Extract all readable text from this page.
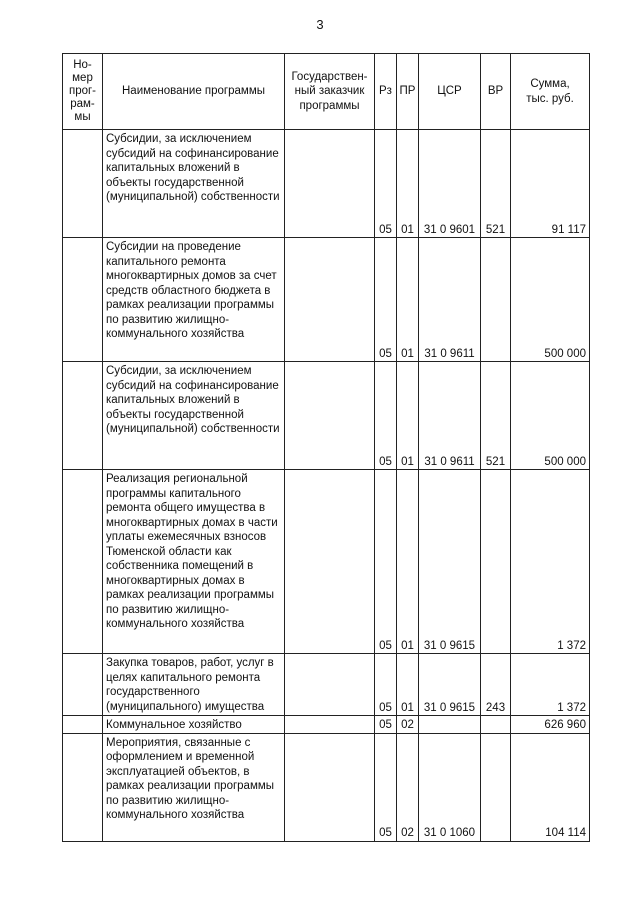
3
Но-
мер
прог-
рам-
мы	Наименование программы	Государствен-
ный заказчик
программы	Рз	ПР	ЦСР	ВР	Сумма,
тыс. руб.
	Субсидии, за исключением субсидий на софинансирование капитальных вложений в объекты государственной (муниципальной) собственности		05	01	31 0 9601	521	91 117
	Субсидии на проведение капитального ремонта многоквартирных домов за счет средств областного бюджета в рамках реализации программы по развитию жилищно-коммунального хозяйства		05	01	31 0 9611		500 000
	Субсидии, за исключением субсидий на софинансирование капитальных вложений в объекты государственной (муниципальной) собственности		05	01	31 0 9611	521	500 000
	Реализация региональной программы капитального ремонта общего имущества в многоквартирных домах в части уплаты ежемесячных взносов Тюменской области как собственника помещений в многоквартирных домах в рамках реализации программы по развитию жилищно-коммунального хозяйства		05	01	31 0 9615		1 372
	Закупка товаров, работ, услуг в целях капитального ремонта государственного (муниципального) имущества		05	01	31 0 9615	243	1 372
	Коммунальное хозяйство		05	02			626 960
	Мероприятия, связанные с оформлением и временной эксплуатацией объектов, в рамках реализации программы по развитию жилищно-коммунального хозяйства		05	02	31 0 1060		104 114
